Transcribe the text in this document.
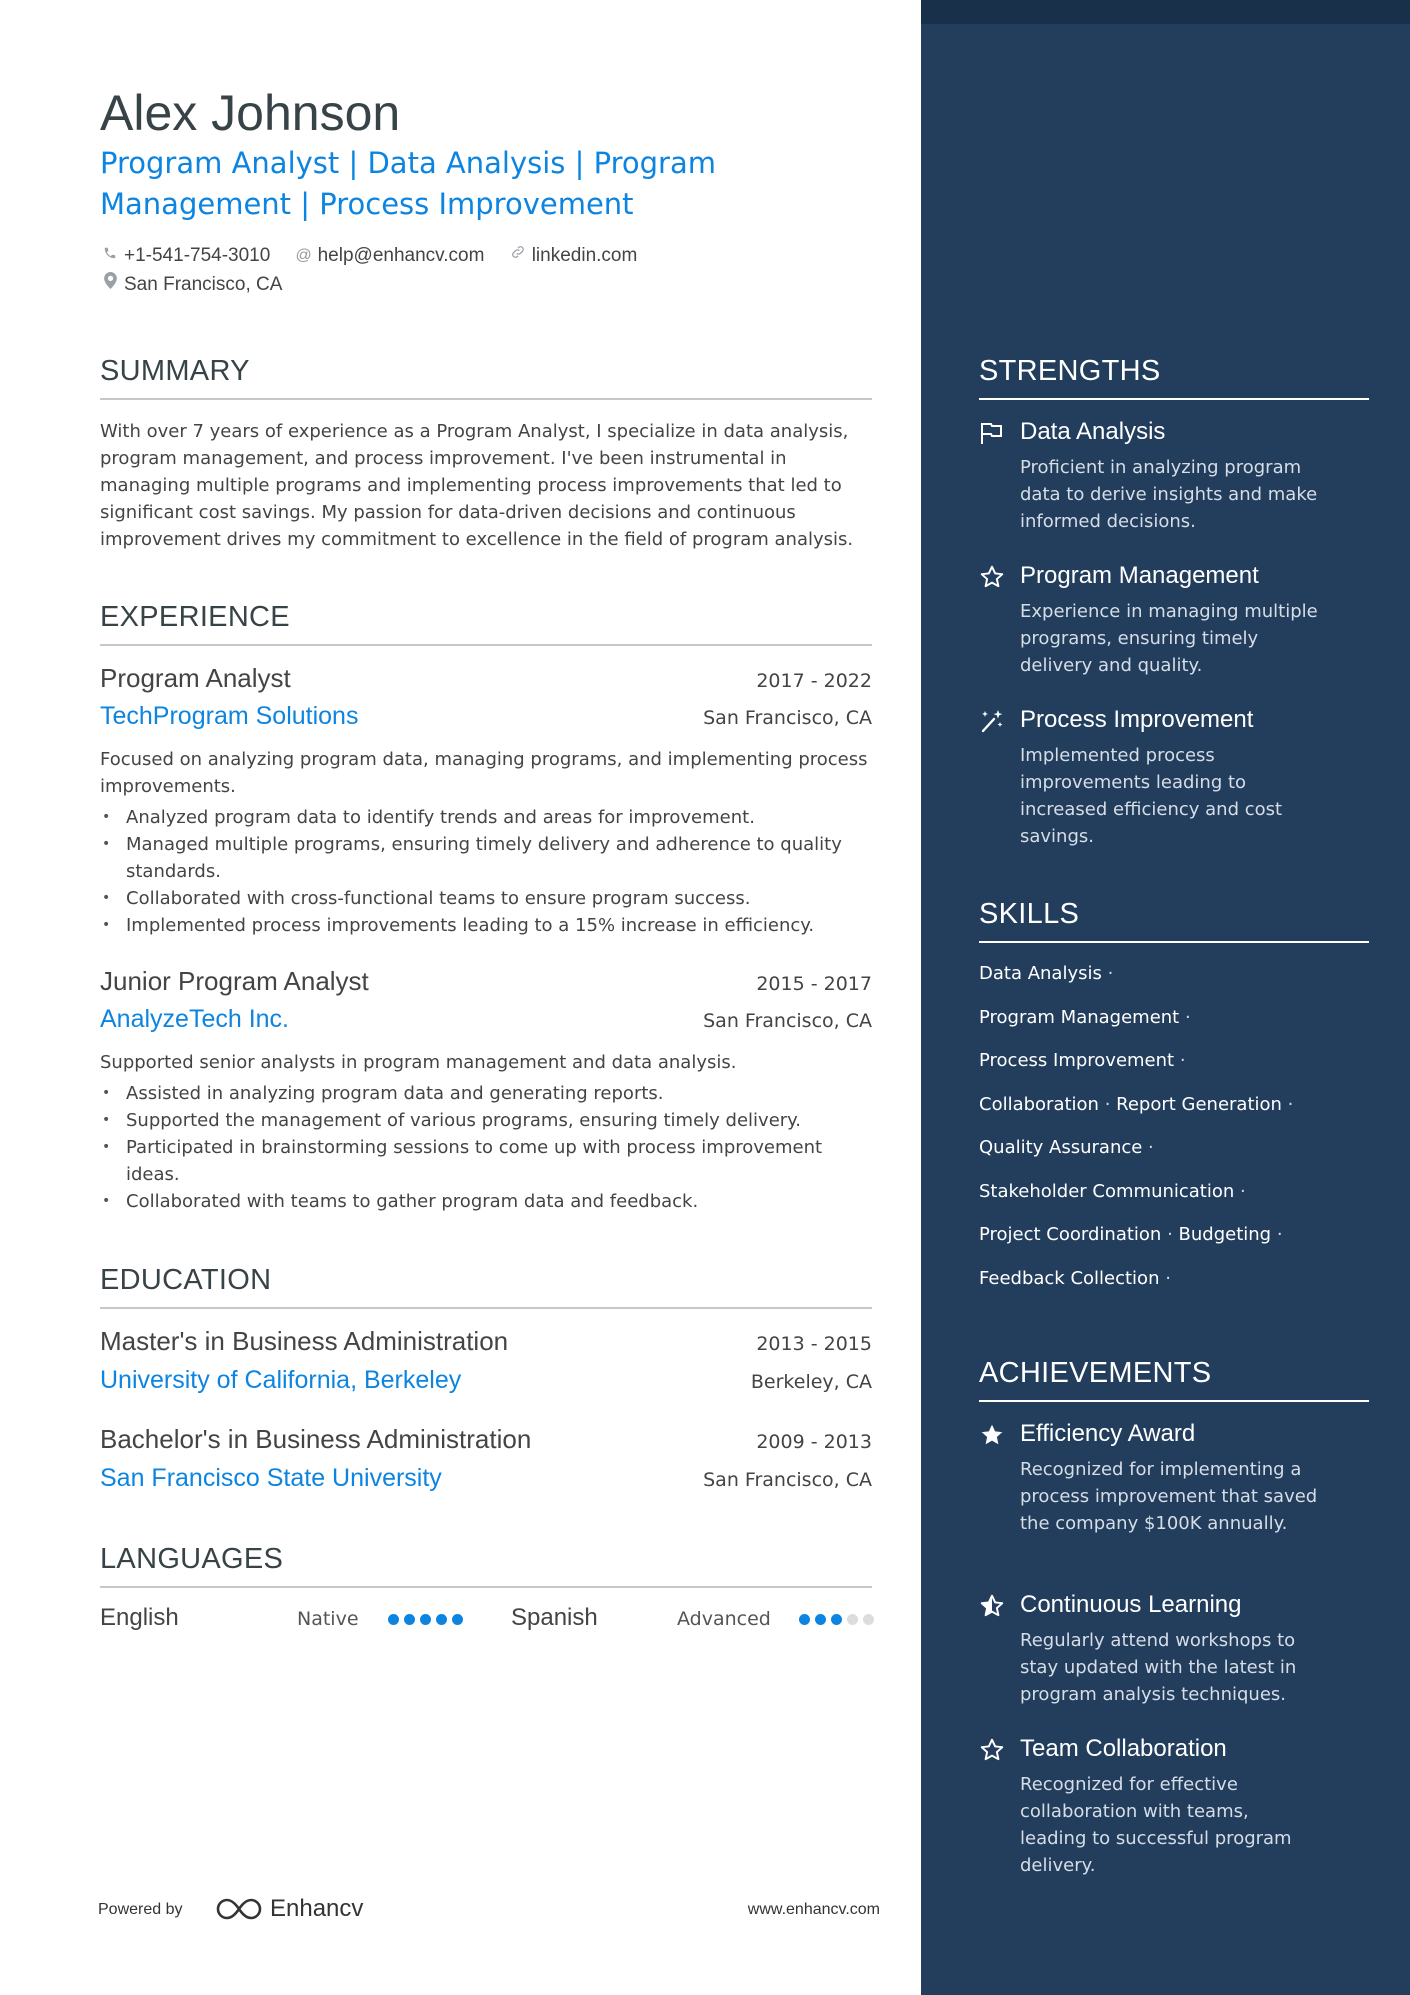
Alex Johnson
Program Analyst | Data Analysis | Program Management | Process Improvement
+1-541-754-3010
@ help@enhancv.com
linkedin.com

San Francisco, CA
SUMMARY
With over 7 years of experience as a Program Analyst, I specialize in data analysis, program management, and process improvement. I've been instrumental in managing multiple programs and implementing process improvements that led to significant cost savings. My passion for data-driven decisions and continuous improvement drives my commitment to excellence in the field of program analysis.
EXPERIENCE
Program Analyst	2017 - 2022
TechProgram Solutions	San Francisco, CA
Focused on analyzing program data, managing programs, and implementing process improvements.
• Analyzed program data to identify trends and areas for improvement.
• Managed multiple programs, ensuring timely delivery and adherence to quality standards.
• Collaborated with cross-functional teams to ensure program success.
• Implemented process improvements leading to a 15% increase in efficiency.
Junior Program Analyst	2015 - 2017
AnalyzeTech Inc.	San Francisco, CA
Supported senior analysts in program management and data analysis.
• Assisted in analyzing program data and generating reports.
• Supported the management of various programs, ensuring timely delivery.
• Participated in brainstorming sessions to come up with process improvement ideas.
• Collaborated with teams to gather program data and feedback.
EDUCATION
Master's in Business Administration	2013 - 2015
University of California, Berkeley	Berkeley, CA
Bachelor's in Business Administration	2009 - 2013
San Francisco State University	San Francisco, CA
LANGUAGES
English	Native	Spanish	Advanced
Powered by	Enhancv	www.enhancv.com
STRENGTHS
Data Analysis
Proficient in analyzing program data to derive insights and make informed decisions.
Program Management
Experience in managing multiple programs, ensuring timely delivery and quality.
Process Improvement
Implemented process improvements leading to increased efficiency and cost savings.
SKILLS
Data Analysis ·
Program Management ·
Process Improvement ·
Collaboration · Report Generation ·
Quality Assurance ·
Stakeholder Communication ·
Project Coordination · Budgeting ·
Feedback Collection ·
ACHIEVEMENTS
Efficiency Award
Recognized for implementing a process improvement that saved the company $100K annually.
Continuous Learning
Regularly attend workshops to stay updated with the latest in program analysis techniques.
Team Collaboration
Recognized for effective collaboration with teams, leading to successful program delivery.
